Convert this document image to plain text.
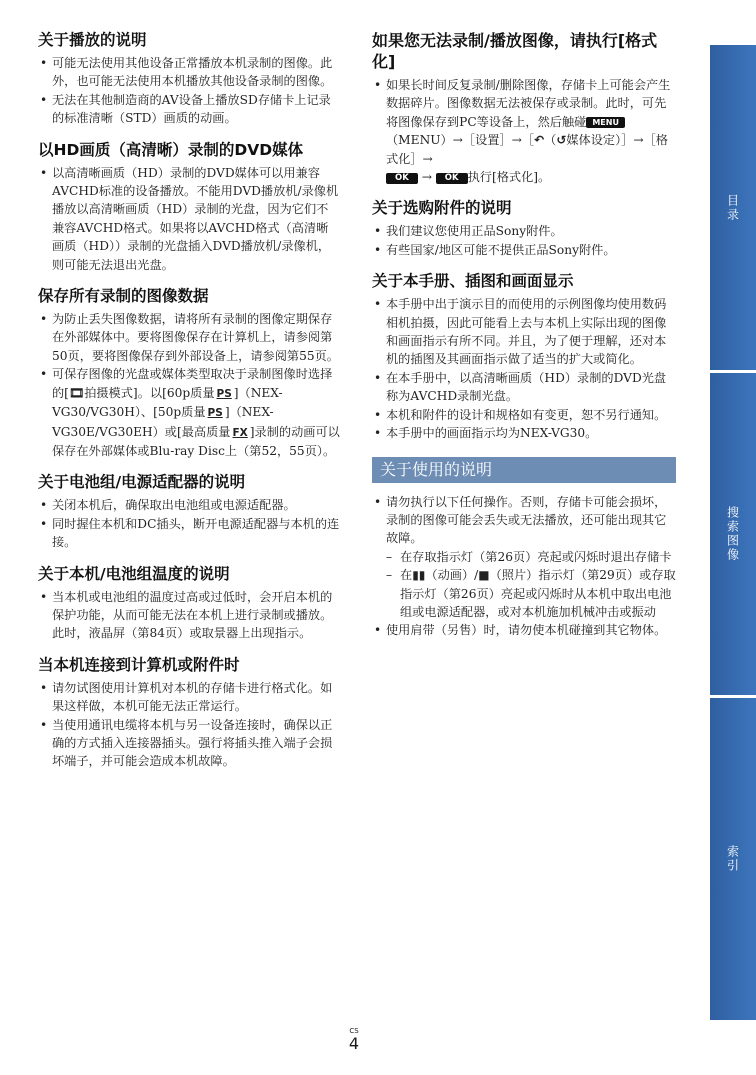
关于播放的说明
• 可能无法使用其他设备正常播放本机录制的图像。此外，也可能无法使用本机播放其他设备录制的图像。
• 无法在其他制造商的AV设备上播放SD存储卡上记录的标准清晰（STD）画质的动画。
以HD画质（高清晰）录制的DVD媒体
• 以高清晰画质（HD）录制的DVD媒体可以用兼容AVCHD标准的设备播放。不能用DVD播放机/录像机播放以高清晰画质（HD）录制的光盘，因为它们不兼容AVCHD格式。如果将以AVCHD格式（高清晰画质（HD））录制的光盘插入DVD播放机/录像机，则可能无法退出光盘。
保存所有录制的图像数据
• 为防止丢失图像数据，请将所有录制的图像定期保存在外部媒体中。要将图像保存在计算机上，请参阅第50页，要将图像保存到外部设备上，请参阅第55页。
• 可保存图像的光盘或媒体类型取决于录制图像时选择的[🎞︎拍摄模式]。以[60p质量 PS ]（NEX-VG30/VG30H）、[50p质量 PS ]（NEX-VG30E/VG30EH）或[最高质量 FX ]录制的动画可以保存在外部媒体或Blu-ray Disc上（第52，55页）。
关于电池组/电源适配器的说明
• 关闭本机后，确保取出电池组或电源适配器。
• 同时握住本机和DC插头，断开电源适配器与本机的连接。
关于本机/电池组温度的说明
• 当本机或电池组的温度过高或过低时，会开启本机的保护功能，从而可能无法在本机上进行录制或播放。此时，液晶屏（第84页）或取景器上出现指示。
当本机连接到计算机或附件时
• 请勿试图使用计算机对本机的存储卡进行格式化。如果这样做，本机可能无法正常运行。
• 当使用通讯电缆将本机与另一设备连接时，确保以正确的方式插入连接器插头。强行将插头推入端子会损坏端子，并可能会造成本机故障。
如果您无法录制/播放图像，请执行[格式化]
• 如果长时间反复录制/删除图像，存储卡上可能会产生数据碎片。图像数据无法被保存或录制。此时，可先将图像保存到PC等设备上，然后触碰 MENU（MENU）→［设置］→［↶（↺媒体设定）］→［格式化］→
OK → OK 执行[格式化]。
关于选购附件的说明
• 我们建议您使用正品Sony附件。
• 有些国家/地区可能不提供正品Sony附件。
关于本手册、插图和画面显示
• 本手册中出于演示目的而使用的示例图像均使用数码相机拍摄，因此可能看上去与本机上实际出现的图像和画面指示有所不同。并且，为了便于理解，还对本机的插图及其画面指示做了适当的扩大或简化。
• 在本手册中，以高清晰画质（HD）录制的DVD光盘称为AVCHD录制光盘。
• 本机和附件的设计和规格如有变更，恕不另行通知。
• 本手册中的画面指示均为NEX-VG30。
关于使用的说明
• 请勿执行以下任何操作。否则，存储卡可能会损坏，录制的图像可能会丢失或无法播放，还可能出现其它故障。
– 在存取指示灯（第26页）亮起或闪烁时退出存储卡
– 在▮▮（动画）/■（照片）指示灯（第29页）或存取指示灯（第26页）亮起或闪烁时从本机中取出电池组或电源适配器，或对本机施加机械冲击或振动
• 使用肩带（另售）时，请勿使本机碰撞到其它物体。
目录
搜索图像
索引
CS
4
